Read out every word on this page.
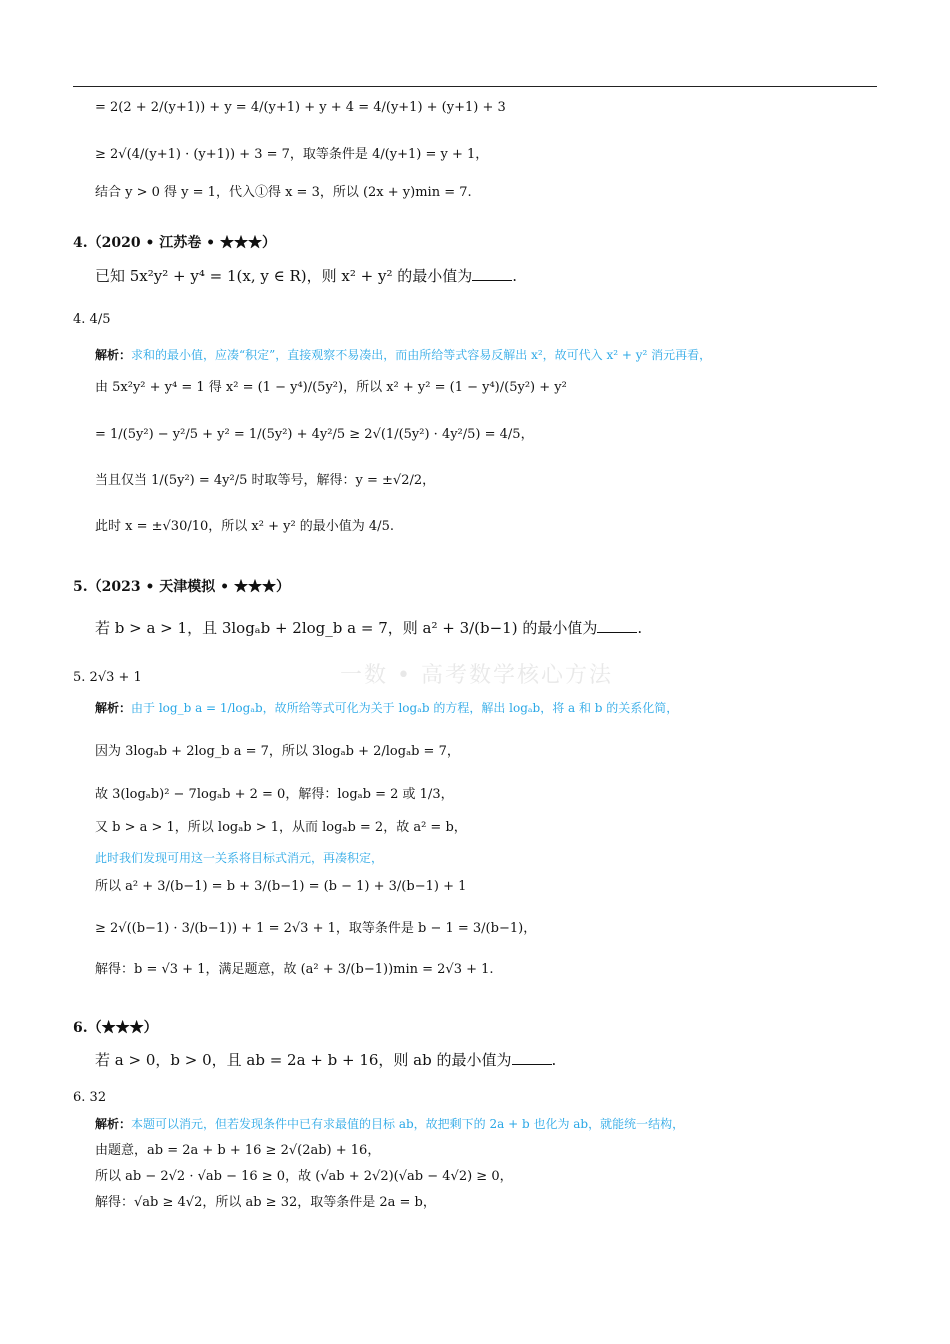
一数 • 高考数学核心方法
= 2(2 + 2/(y+1)) + y = 4/(y+1) + y + 4 = 4/(y+1) + (y+1) + 3
≥ 2√(4/(y+1) · (y+1)) + 3 = 7，取等条件是 4/(y+1) = y + 1，
结合 y > 0 得 y = 1，代入①得 x = 3，所以 (2x + y)min = 7.
4.（2020 • 江苏卷 • ★★★）
已知 5x²y² + y⁴ = 1(x, y ∈ R)，则 x² + y² 的最小值为	.
4. 4/5
解析：求和的最小值，应凑“积定”，直接观察不易凑出，而由所给等式容易反解出 x²，故可代入 x² + y² 消元再看，
由 5x²y² + y⁴ = 1 得 x² = (1 − y⁴)/(5y²)，所以 x² + y² = (1 − y⁴)/(5y²) + y²
= 1/(5y²) − y²/5 + y² = 1/(5y²) + 4y²/5 ≥ 2√(1/(5y²) · 4y²/5) = 4/5，
当且仅当 1/(5y²) = 4y²/5 时取等号，解得：y = ±√2/2，
此时 x = ±√30/10，所以 x² + y² 的最小值为 4/5.
5.（2023 • 天津模拟 • ★★★）
若 b > a > 1，且 3logₐb + 2log_b a = 7，则 a² + 3/(b−1) 的最小值为	.
5. 2√3 + 1
解析：由于 log_b a = 1/logₐb，故所给等式可化为关于 logₐb 的方程，解出 logₐb，将 a 和 b 的关系化简，
因为 3logₐb + 2log_b a = 7，所以 3logₐb + 2/logₐb = 7，
故 3(logₐb)² − 7logₐb + 2 = 0，解得：logₐb = 2 或 1/3，
又 b > a > 1，所以 logₐb > 1，从而 logₐb = 2，故 a² = b，
此时我们发现可用这一关系将目标式消元，再凑积定，
所以 a² + 3/(b−1) = b + 3/(b−1) = (b − 1) + 3/(b−1) + 1
≥ 2√((b−1) · 3/(b−1)) + 1 = 2√3 + 1，取等条件是 b − 1 = 3/(b−1)，
解得：b = √3 + 1，满足题意，故 (a² + 3/(b−1))min = 2√3 + 1.
6.（★★★）
若 a > 0，b > 0，且 ab = 2a + b + 16，则 ab 的最小值为	.
6. 32
解析：本题可以消元，但若发现条件中已有求最值的目标 ab，故把剩下的 2a + b 也化为 ab，就能统一结构，
由题意，ab = 2a + b + 16 ≥ 2√(2ab) + 16，
所以 ab − 2√2 · √ab − 16 ≥ 0，故 (√ab + 2√2)(√ab − 4√2) ≥ 0，
解得：√ab ≥ 4√2，所以 ab ≥ 32，取等条件是 2a = b，
